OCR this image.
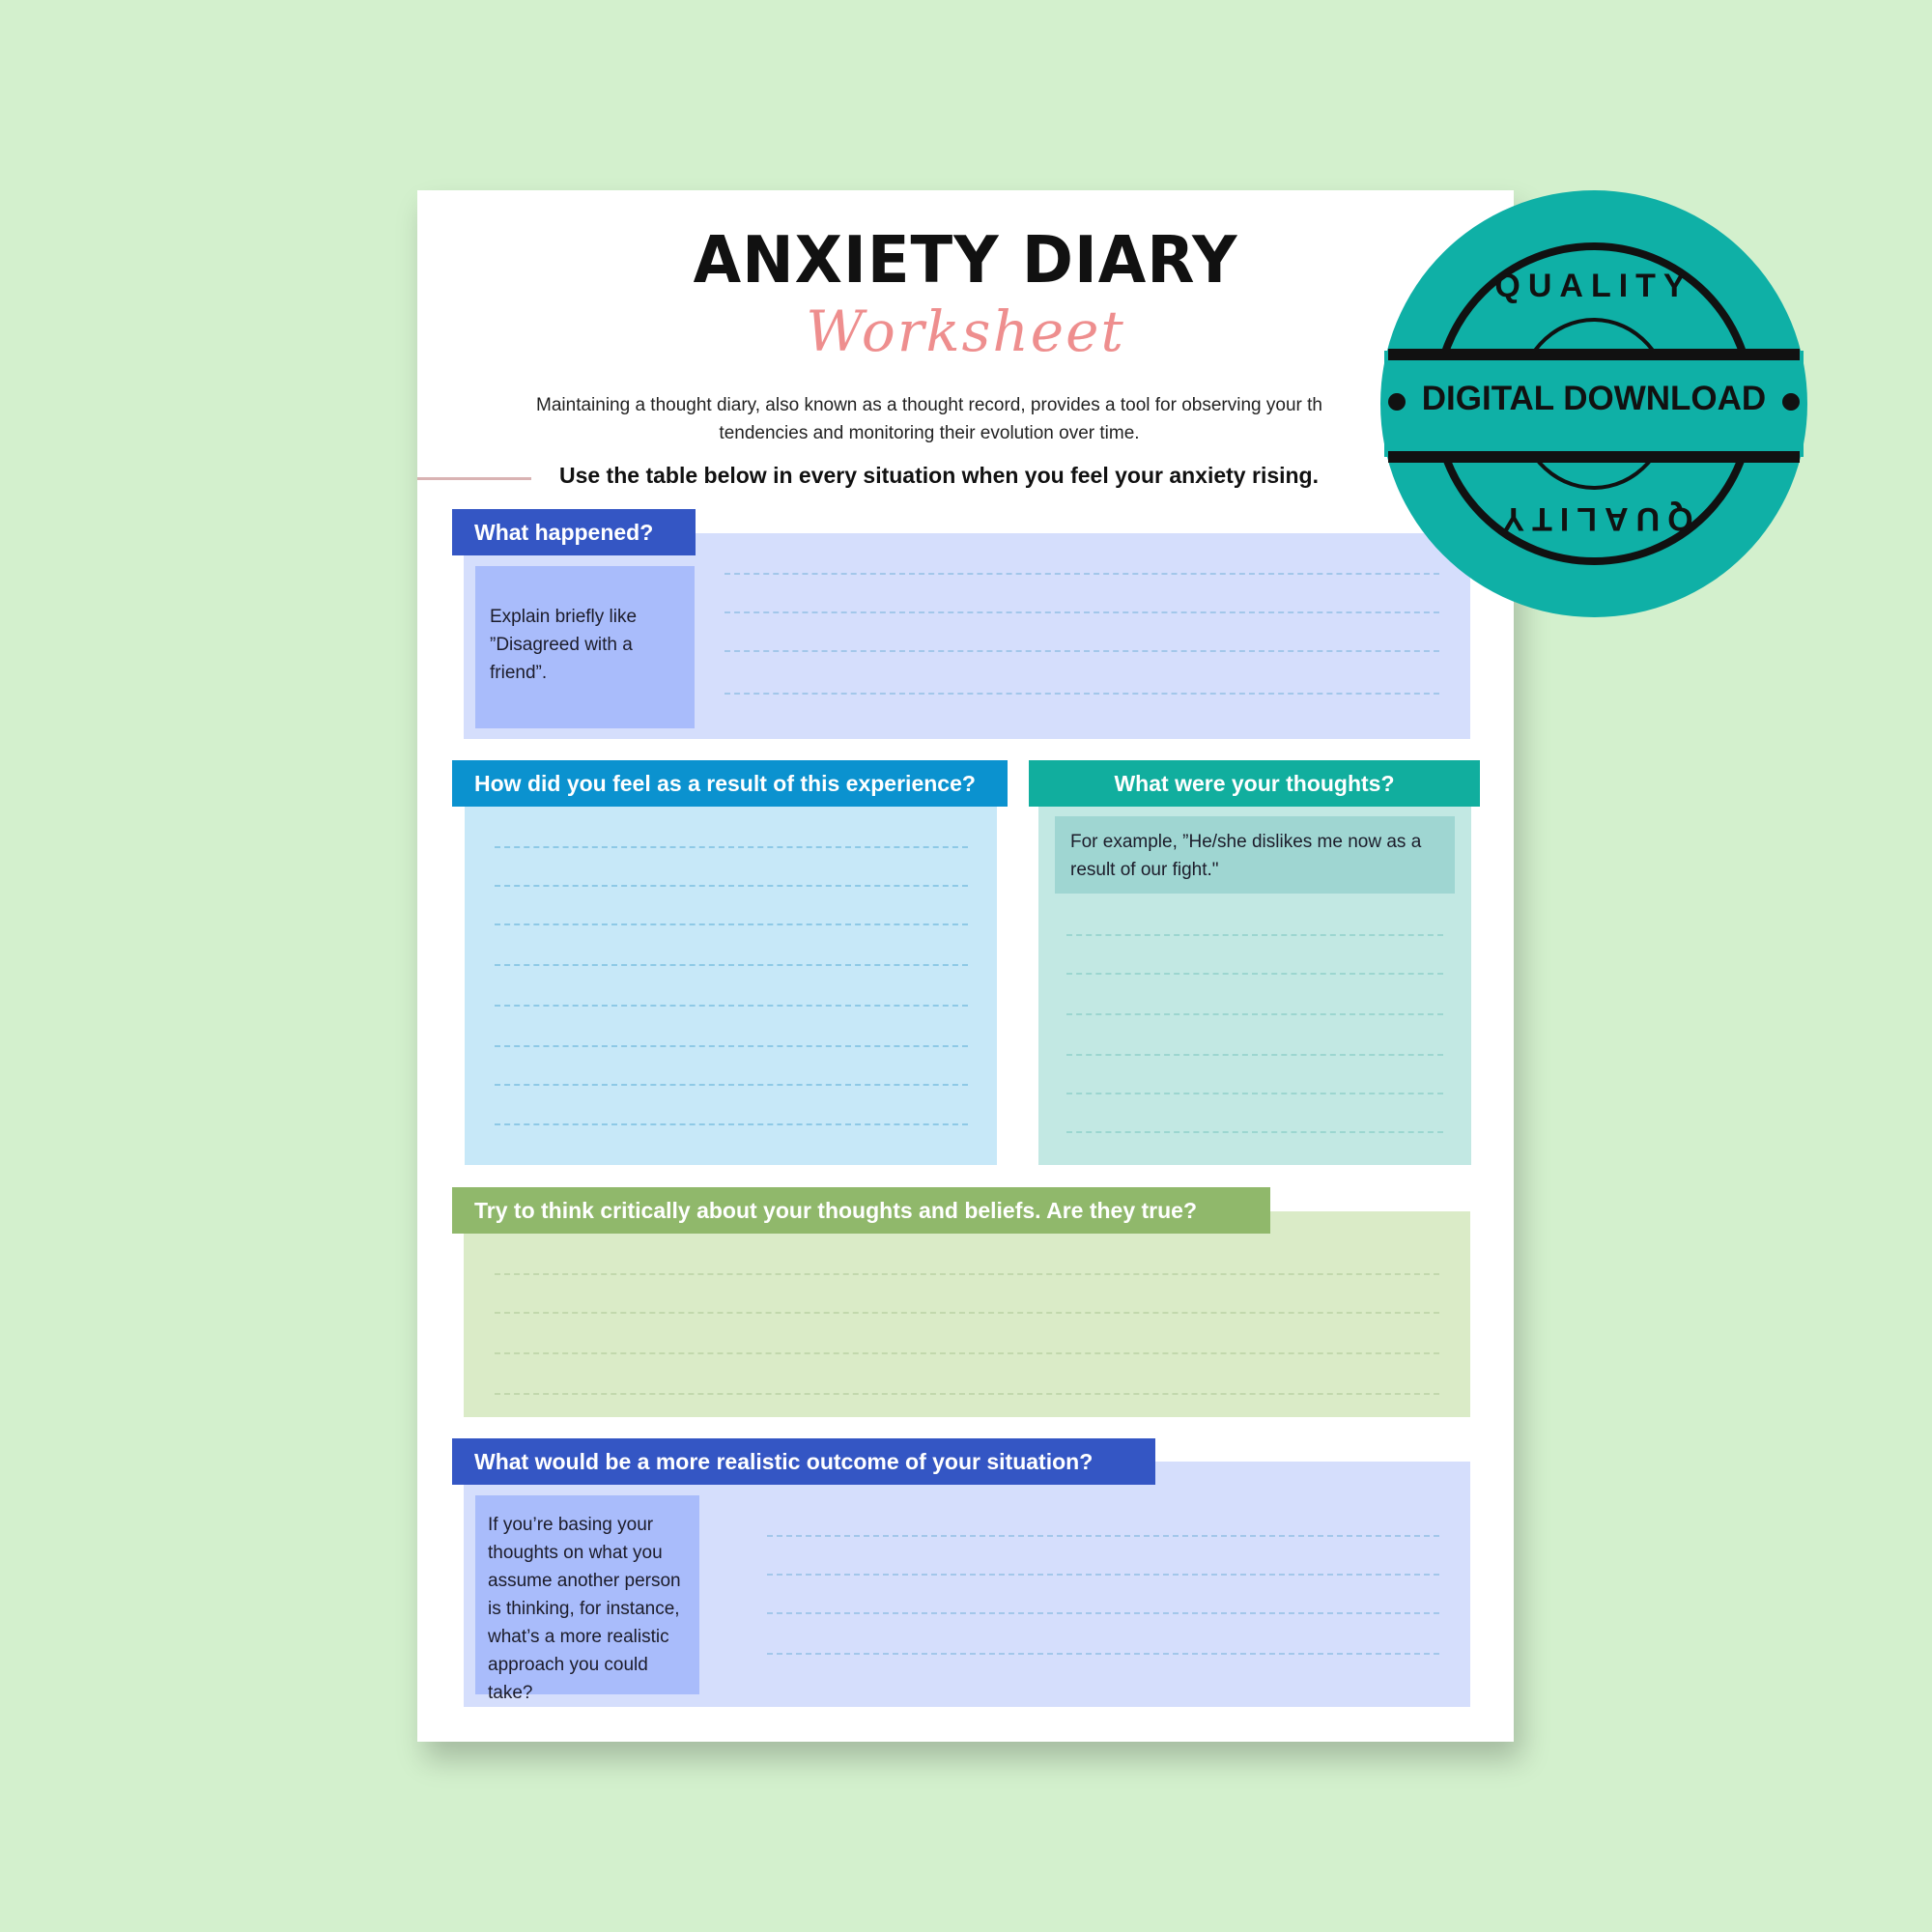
ANXIETY DIARY
Worksheet
Maintaining a thought diary, also known as a thought record, provides a tool for observing your th
tendencies and monitoring their evolution over time.
Use the table below in every situation when you feel your anxiety rising.
What happened?
Explain briefly like ”Disagreed with a friend”.
How did you feel as a result of this experience?	What were your thoughts?
For example, ”He/she dislikes me now as a result of our fight."
Try to think critically about your thoughts and beliefs. Are they true?
What would be a more realistic outcome of your situation?
If you’re basing your thoughts on what you assume another person is thinking, for instance, what’s a more realistic approach you could take?
DIGITAL DOWNLOAD
QUALITY
QUALITY
